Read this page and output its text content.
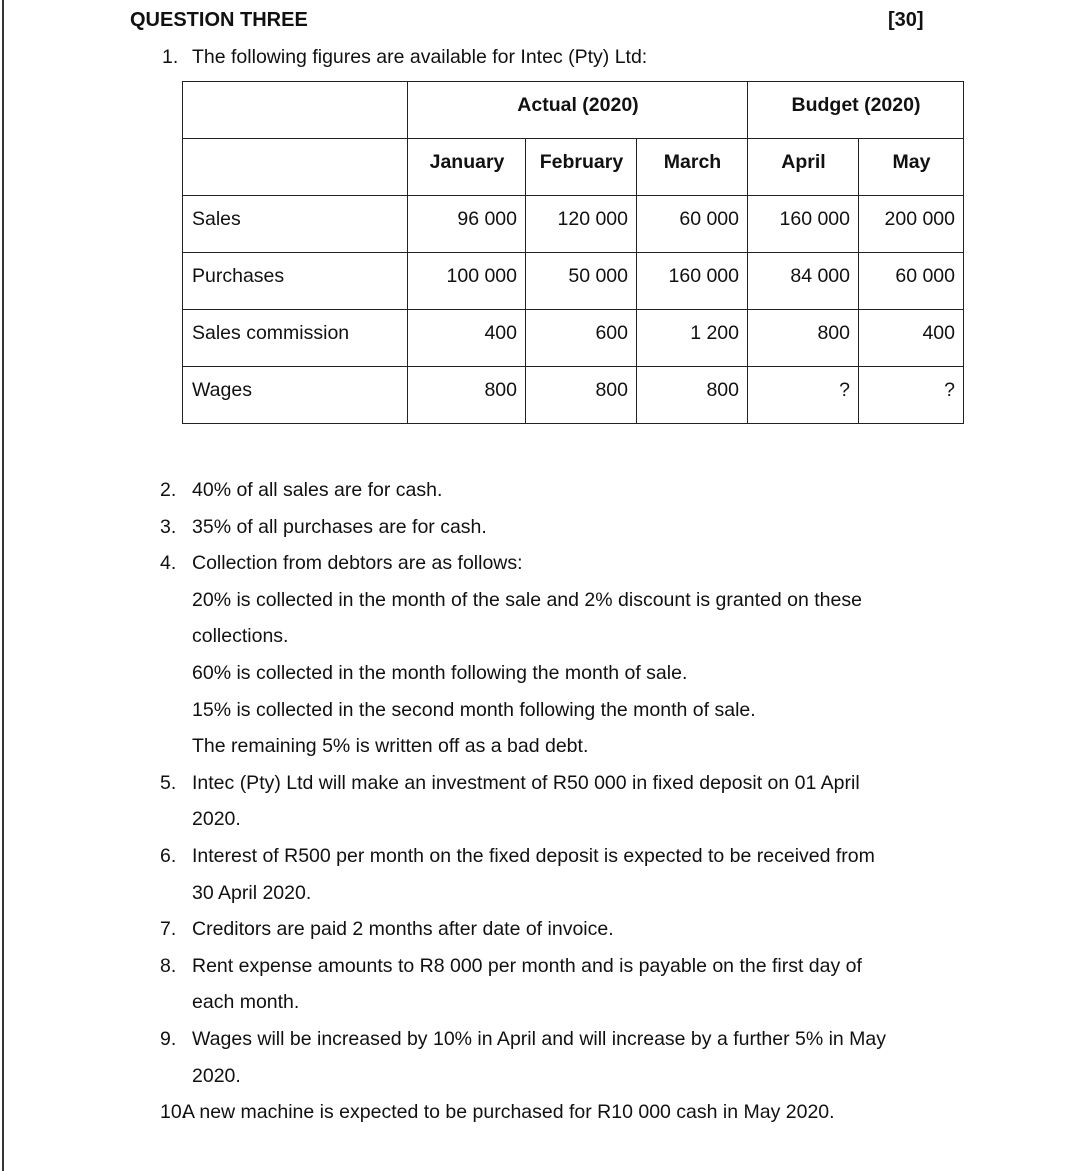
QUESTION THREE	[30]
1. The following figures are available for Intec (Pty) Ltd:
	Actual (2020)			Budget (2020)	
	January	February	March	April	May
Sales	96 000	120 000	60 000	160 000	200 000
Purchases	100 000	50 000	160 000	84 000	60 000
Sales commission	400	600	1 200	800	400
Wages	800	800	800	?	?
2. 40% of all sales are for cash.
3. 35% of all purchases are for cash.
4. Collection from debtors are as follows:
20% is collected in the month of the sale and 2% discount is granted on these
collections.
60% is collected in the month following the month of sale.
15% is collected in the second month following the month of sale.
The remaining 5% is written off as a bad debt.
5. Intec (Pty) Ltd will make an investment of R50 000 in fixed deposit on 01 April
2020.
6. Interest of R500 per month on the fixed deposit is expected to be received from
30 April 2020.
7. Creditors are paid 2 months after date of invoice.
8. Rent expense amounts to R8 000 per month and is payable on the first day of
each month.
9. Wages will be increased by 10% in April and will increase by a further 5% in May
2020.
10.
A new machine is expected to be purchased for R10 000 cash in May 2020.
